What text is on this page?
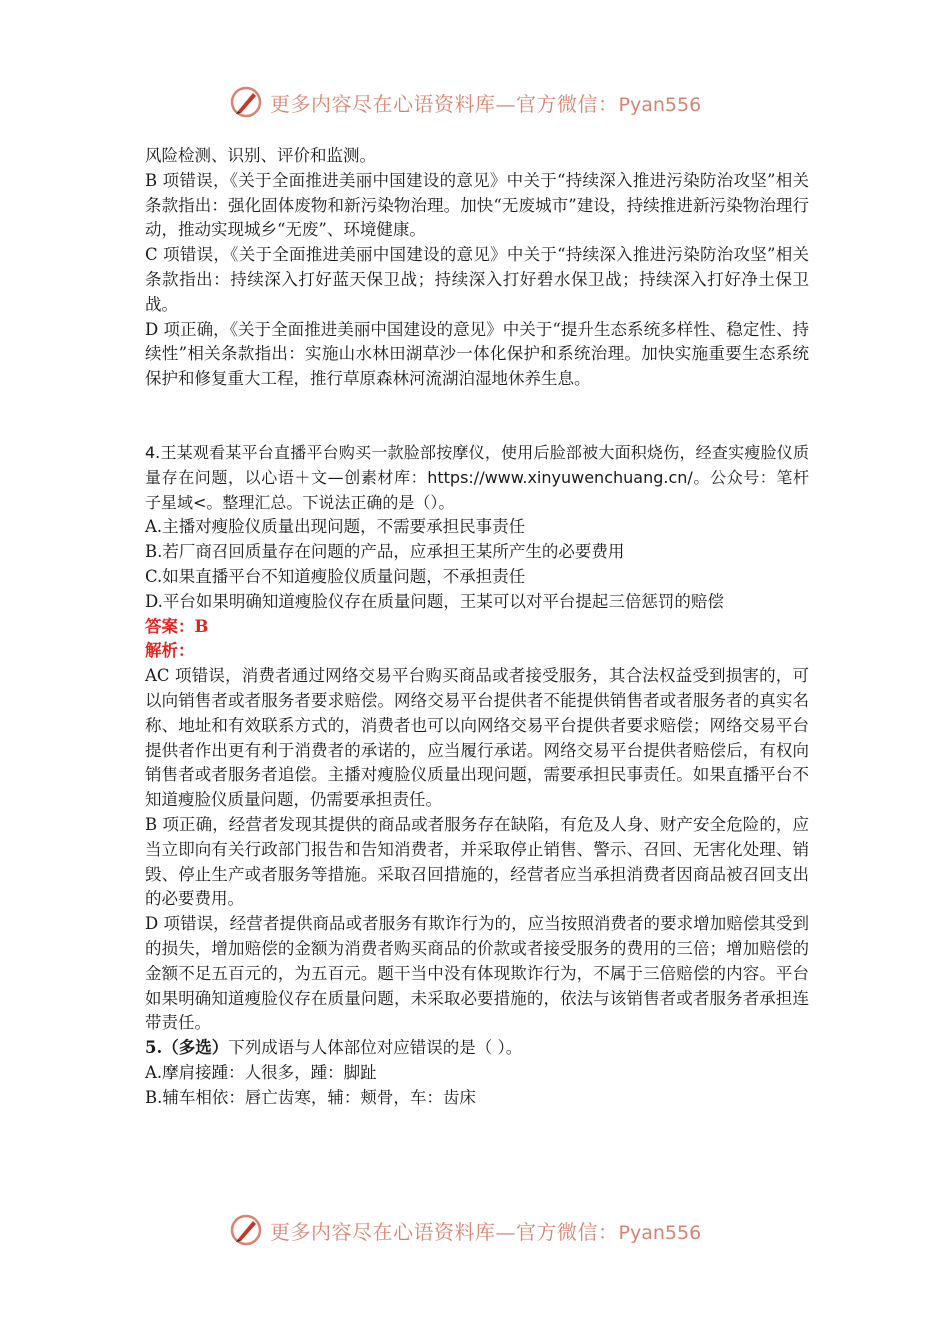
更多内容尽在心语资料库—官方微信：Pyan556

风险检测、识别、评价和监测。

B 项错误，《关于全面推进美丽中国建设的意见》中关于“持续深入推进污染防治攻坚”相关条款指出：强化固体废物和新污染物治理。加快“无废城市”建设，持续推进新污染物治理行动，推动实现城乡“无废”、环境健康。

C 项错误，《关于全面推进美丽中国建设的意见》中关于“持续深入推进污染防治攻坚”相关条款指出：持续深入打好蓝天保卫战；持续深入打好碧水保卫战；持续深入打好净土保卫战。

D 项正确，《关于全面推进美丽中国建设的意见》中关于“提升生态系统多样性、稳定性、持续性”相关条款指出：实施山水林田湖草沙一体化保护和系统治理。加快实施重要生态系统保护和修复重大工程，推行草原森林河流湖泊湿地休养生息。

4.王某观看某平台直播平台购买一款脸部按摩仪，使用后脸部被大面积烧伤，经查实瘦脸仪质量存在问题，以心语＋文—创素材库：https://www.xinyuwenchuang.cn/。公众号：笔杆子星域<。整理汇总。下说法正确的是（）。

A.主播对瘦脸仪质量出现问题，不需要承担民事责任

B.若厂商召回质量存在问题的产品，应承担王某所产生的必要费用

C.如果直播平台不知道瘦脸仪质量问题，不承担责任

D.平台如果明确知道瘦脸仪存在质量问题，王某可以对平台提起三倍惩罚的赔偿

答案：B

解析：

AC 项错误，消费者通过网络交易平台购买商品或者接受服务，其合法权益受到损害的，可以向销售者或者服务者要求赔偿。网络交易平台提供者不能提供销售者或者服务者的真实名称、地址和有效联系方式的，消费者也可以向网络交易平台提供者要求赔偿；网络交易平台提供者作出更有利于消费者的承诺的，应当履行承诺。网络交易平台提供者赔偿后，有权向销售者或者服务者追偿。主播对瘦脸仪质量出现问题，需要承担民事责任。如果直播平台不知道瘦脸仪质量问题，仍需要承担责任。

B 项正确，经营者发现其提供的商品或者服务存在缺陷，有危及人身、财产安全危险的，应当立即向有关行政部门报告和告知消费者，并采取停止销售、警示、召回、无害化处理、销毁、停止生产或者服务等措施。采取召回措施的，经营者应当承担消费者因商品被召回支出的必要费用。

D 项错误，经营者提供商品或者服务有欺诈行为的，应当按照消费者的要求增加赔偿其受到的损失，增加赔偿的金额为消费者购买商品的价款或者接受服务的费用的三倍；增加赔偿的金额不足五百元的，为五百元。题干当中没有体现欺诈行为，不属于三倍赔偿的内容。平台如果明确知道瘦脸仪存在质量问题，未采取必要措施的，依法与该销售者或者服务者承担连带责任。

5.（多选）下列成语与人体部位对应错误的是（ ）。

A.摩肩接踵：人很多，踵：脚趾

B.辅车相依：唇亡齿寒，辅：颊骨，车：齿床

更多内容尽在心语资料库—官方微信：Pyan556
